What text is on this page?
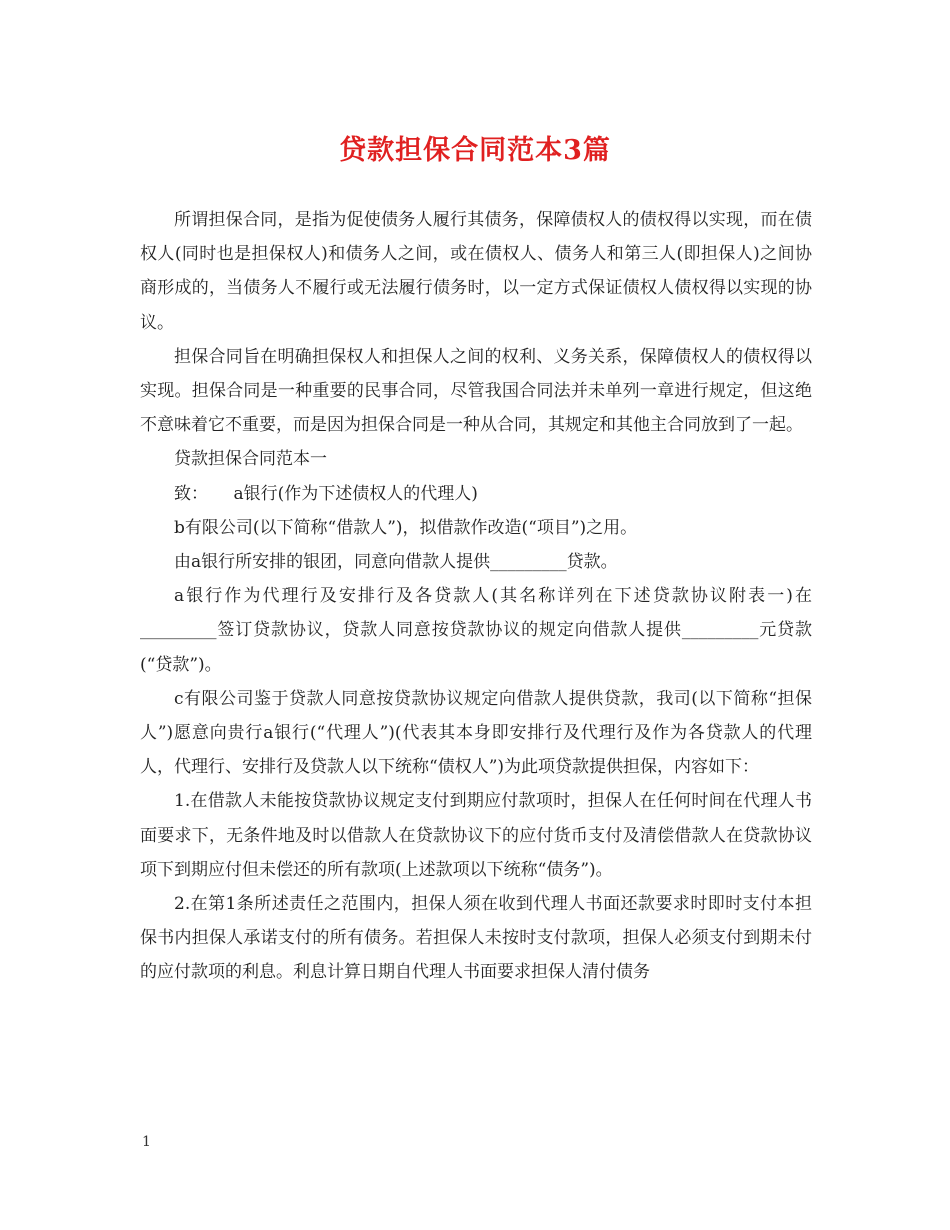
贷款担保合同范本3篇

所谓担保合同，是指为促使债务人履行其债务，保障债权人的债权得以实现，而在债权人(同时也是担保权人)和债务人之间，或在债权人、债务人和第三人(即担保人)之间协商形成的，当债务人不履行或无法履行债务时，以一定方式保证债权人债权得以实现的协议。

担保合同旨在明确担保权人和担保人之间的权利、义务关系，保障债权人的债权得以实现。担保合同是一种重要的民事合同，尽管我国合同法并未单列一章进行规定，但这绝不意味着它不重要，而是因为担保合同是一种从合同，其规定和其他主合同放到了一起。

贷款担保合同范本一

致：　　a银行(作为下述债权人的代理人)

b有限公司(以下简称“借款人”)，拟借款作改造(“项目”)之用。

由a银行所安排的银团，同意向借款人提供_________贷款。

a银行作为代理行及安排行及各贷款人(其名称详列在下述贷款协议附表一)在_________签订贷款协议，贷款人同意按贷款协议的规定向借款人提供_________元贷款(“贷款”)。

c有限公司鉴于贷款人同意按贷款协议规定向借款人提供贷款，我司(以下简称“担保人”)愿意向贵行a银行(“代理人”)(代表其本身即安排行及代理行及作为各贷款人的代理人，代理行、安排行及贷款人以下统称“债权人”)为此项贷款提供担保，内容如下：

1.在借款人未能按贷款协议规定支付到期应付款项时，担保人在任何时间在代理人书面要求下，无条件地及时以借款人在贷款协议下的应付货币支付及清偿借款人在贷款协议项下到期应付但未偿还的所有款项(上述款项以下统称“债务”)。

2.在第1条所述责任之范围内，担保人须在收到代理人书面还款要求时即时支付本担保书内担保人承诺支付的所有债务。若担保人未按时支付款项，担保人必须支付到期未付的应付款项的利息。利息计算日期自代理人书面要求担保人清付债务

1
